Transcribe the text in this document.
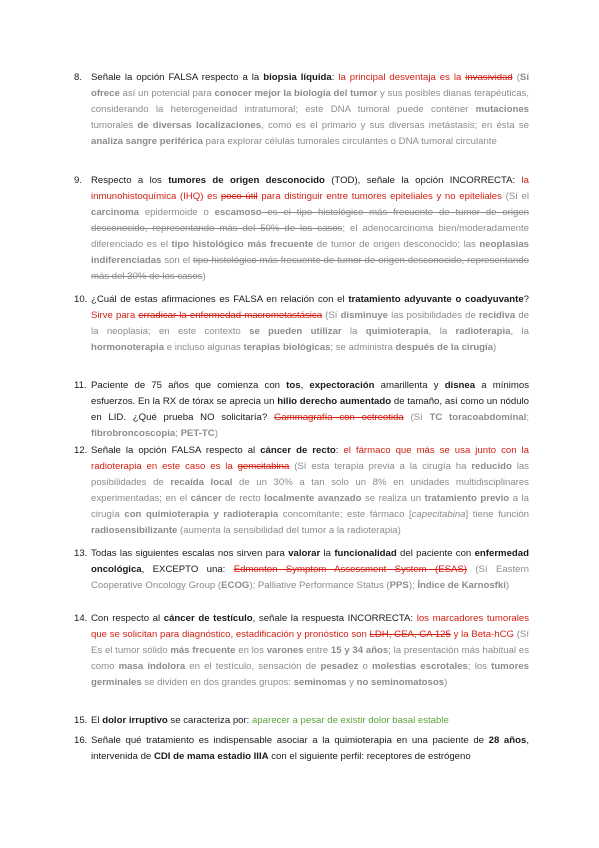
8. Señale la opción FALSA respecto a la biopsia líquida: la principal desventaja es la invasividad (Sí ofrece así un potencial para conocer mejor la biología del tumor y sus posibles dianas terapéuticas, considerando la heterogeneidad intratumoral; este DNA tumoral puede contener mutaciones tumorales de diversas localizaciones, como es el primario y sus diversas metástasis; en ésta se analiza sangre periférica para explorar células tumorales circulantes o DNA tumoral circulante
9. Respecto a los tumores de origen desconocido (TOD), señale la opción INCORRECTA: la inmunohistoquímica (IHQ) es poco útil para distinguir entre tumores epiteliales y no epiteliales (Sí el carcinoma epidermoide o escamoso es el tipo histológico más frecuente de tumor de origen desconocido, representando más del 50% de los casos; el adenocarcinoma bien/moderadamente diferenciado es el tipo histológico más frecuente de tumor de origen desconocido; las neoplasias indiferenciadas son el tipo histológico más frecuente de tumor de origen desconocido, representando más del 30% de los casos)
10. ¿Cuál de estas afirmaciones es FALSA en relación con el tratamiento adyuvante o coadyuvante? Sirve para erradicar la enfermedad macrometastásica (Sí disminuye las posibilidades de recidiva de la neoplasia; en este contexto se pueden utilizar la quimioterapia, la radioterapia, la hormonoterapia e incluso algunas terapias biológicas; se administra después de la cirugía)
11. Paciente de 75 años que comienza con tos, expectoración amarillenta y disnea a mínimos esfuerzos. En la RX de tórax se aprecia un hilio derecho aumentado de tamaño, así como un nódulo en LID. ¿Qué prueba NO solicitaría? Gammagrafía con octreotida (Sí TC toracoabdominal; fibrobroncoscopia; PET-TC)
12. Señale la opción FALSA respecto al cáncer de recto: el fármaco que más se usa junto con la radioterapia en este caso es la gemcitabina (Sí esta terapia previa a la cirugía ha reducido las posibilidades de recaída local de un 30% a tan solo un 8% en unidades multidisciplinares experimentadas; en el cáncer de recto localmente avanzado se realiza un tratamiento previo a la cirugía con quimioterapia y radioterapia concomitante; este fármaco [capecitabina] tiene función radiosensibilizante (aumenta la sensibilidad del tumor a la radioterapia)
13. Todas las siguientes escalas nos sirven para valorar la funcionalidad del paciente con enfermedad oncológica, EXCEPTO una: Edmonton Symptom Assessment System (ESAS) (Sí Eastern Cooperative Oncology Group (ECOG); Palliative Performance Status (PPS); Índice de Karnosfki)
14. Con respecto al cáncer de testículo, señale la respuesta INCORRECTA: los marcadores tumorales que se solicitan para diagnóstico, estadificación y pronóstico son LDH, CEA, CA 125 y la Beta-hCG (Sí Es el tumor sólido más frecuente en los varones entre 15 y 34 años; la presentación más habitual es como masa indolora en el testículo, sensación de pesadez o molestias escrotales; los tumores germinales se dividen en dos grandes grupos: seminomas y no seminomatosos)
15. El dolor irruptivo se caracteriza por: aparecer a pesar de existir dolor basal estable
16. Señale qué tratamiento es indispensable asociar a la quimioterapia en una paciente de 28 años, intervenida de CDI de mama estadio IIIA con el siguiente perfil: receptores de estrógeno
